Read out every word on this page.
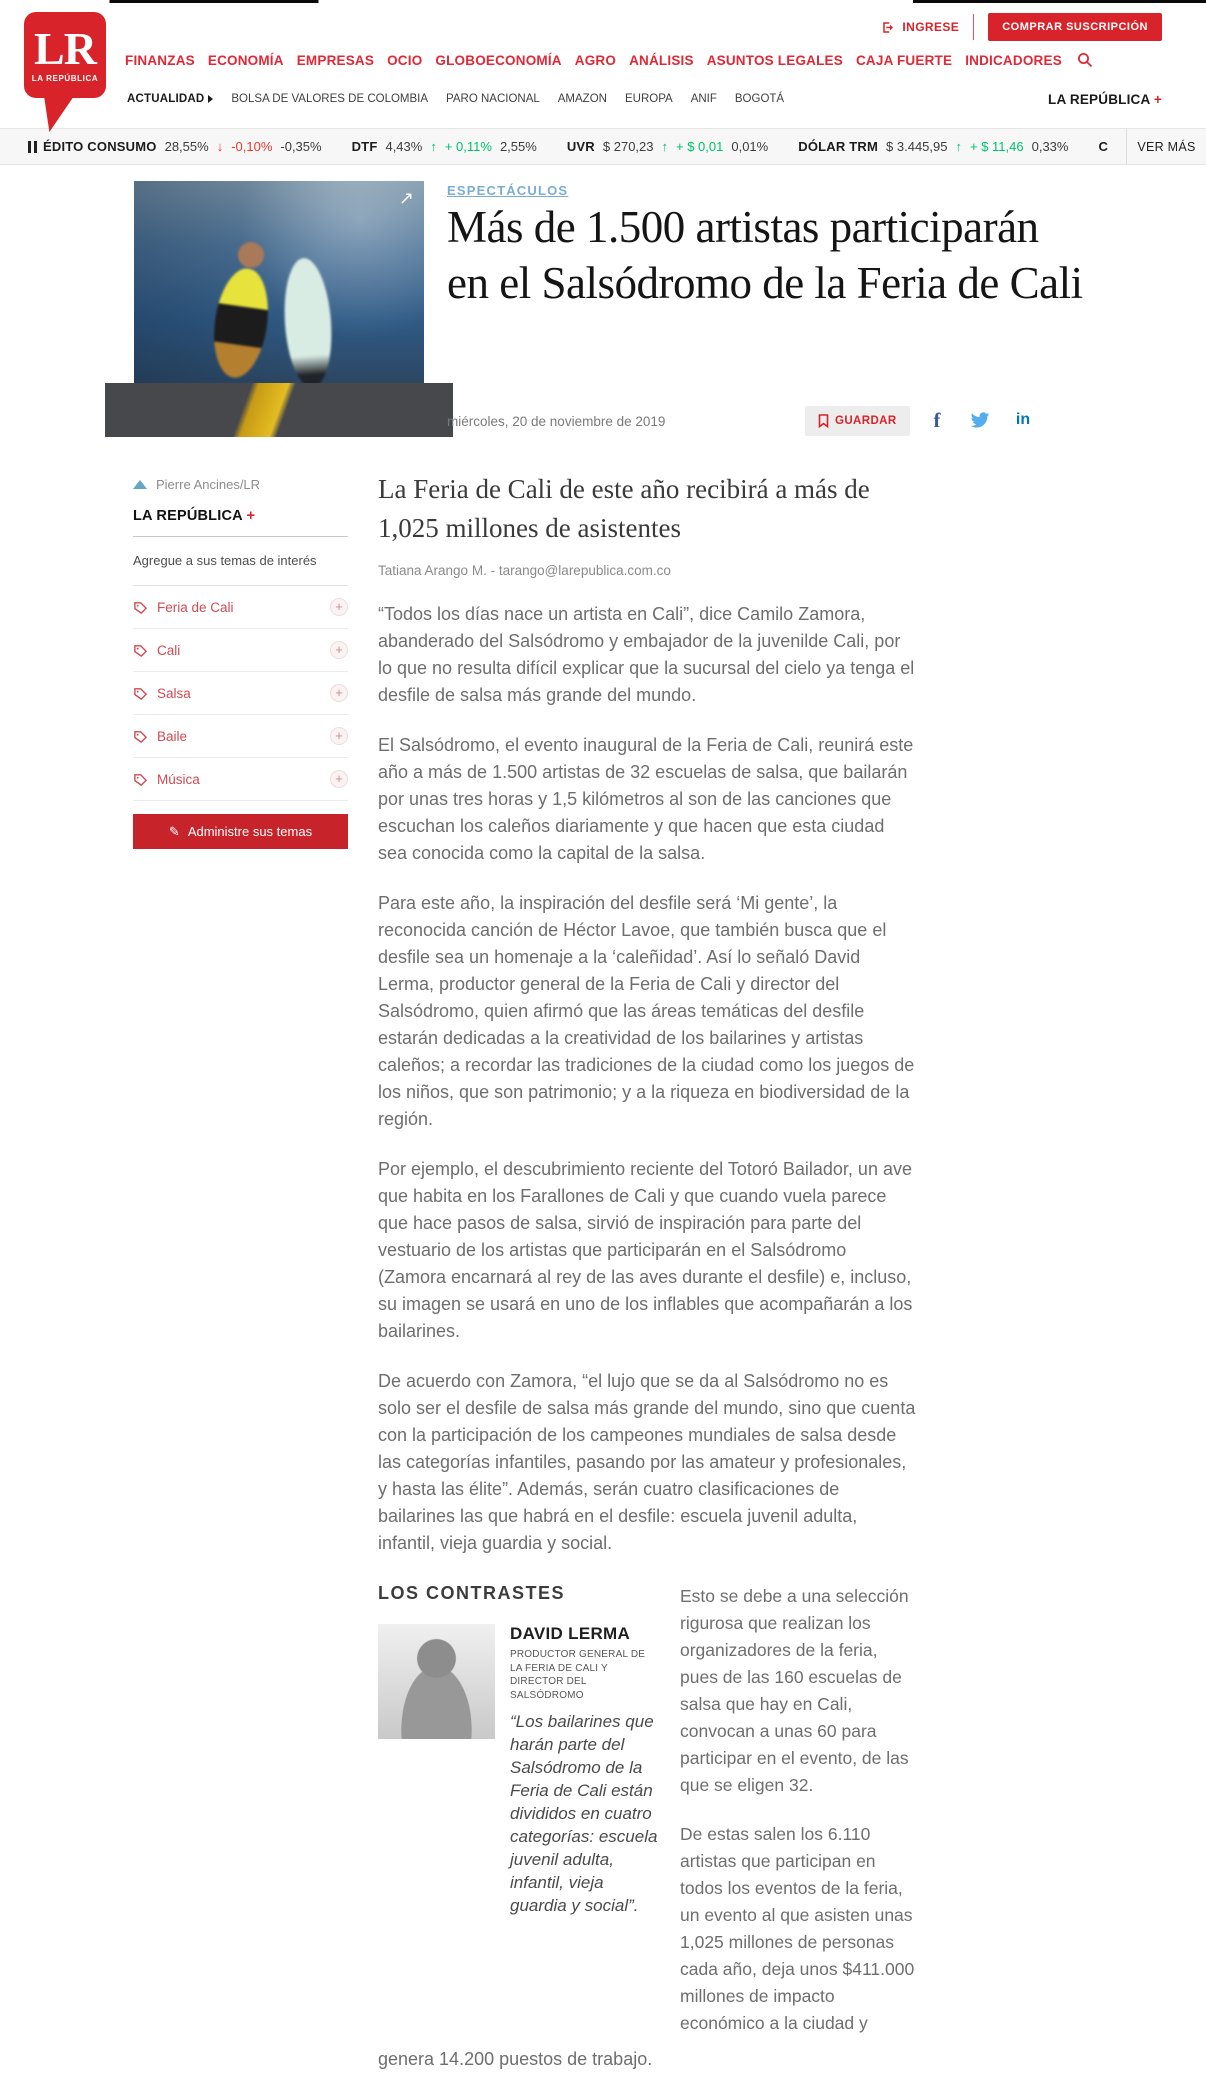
LR
LA REPÚBLICA
INGRESE	COMPRAR SUSCRIPCIÓN
FINANZAS ECONOMÍA EMPRESAS OCIO GLOBOECONOMÍA AGRO ANÁLISIS ASUNTOS LEGALES CAJA FUERTE INDICADORES
ACTUALIDAD BOLSA DE VALORES DE COLOMBIA PARO NACIONAL AMAZON EUROPA ANIF BOGOTÁ	LA REPÚBLICA +
ÉDITO CONSUMO 28,55% ↓ -0,10% -0,35% DTF 4,43% ↑ + 0,11% 2,55% UVR $ 270,23 ↑ + $ 0,01 0,01% DÓLAR TRM $ 3.445,95 ↑ + $ 11,46 0,33% C	VER MÁS
↗	ESPECTÁCULOS
Más de 1.500 artistas participarán en el Salsódromo de la Feria de Cali
miércoles, 20 de noviembre de 2019	GUARDAR	f	in
Pierre Ancines/LR
LA REPÚBLICA +
Agregue a sus temas de interés
Feria de Cali	+
Cali	+
Salsa	+
Baile	+
Música	+
✎ Administre sus temas
La Feria de Cali de este año recibirá a más de 1,025 millones de asistentes
Tatiana Arango M. - tarango@larepublica.com.co

“Todos los días nace un artista en Cali”, dice Camilo Zamora, abanderado del Salsódromo y embajador de la juvenilde Cali, por lo que no resulta difícil explicar que la sucursal del cielo ya tenga el desfile de salsa más grande del mundo.

El Salsódromo, el evento inaugural de la Feria de Cali, reunirá este año a más de 1.500 artistas de 32 escuelas de salsa, que bailarán por unas tres horas y 1,5 kilómetros al son de las canciones que escuchan los caleños diariamente y que hacen que esta ciudad sea conocida como la capital de la salsa.

Para este año, la inspiración del desfile será ‘Mi gente’, la reconocida canción de Héctor Lavoe, que también busca que el desfile sea un homenaje a la ‘caleñidad’. Así lo señaló David Lerma, productor general de la Feria de Cali y director del Salsódromo, quien afirmó que las áreas temáticas del desfile estarán dedicadas a la creatividad de los bailarines y artistas caleños; a recordar las tradiciones de la ciudad como los juegos de los niños, que son patrimonio; y a la riqueza en biodiversidad de la región.

Por ejemplo, el descubrimiento reciente del Totoró Bailador, un ave que habita en los Farallones de Cali y que cuando vuela parece que hace pasos de salsa, sirvió de inspiración para parte del vestuario de los artistas que participarán en el Salsódromo (Zamora encarnará al rey de las aves durante el desfile) e, incluso, su imagen se usará en uno de los inflables que acompañarán a los bailarines.

De acuerdo con Zamora, “el lujo que se da al Salsódromo no es solo ser el desfile de salsa más grande del mundo, sino que cuenta con la participación de los campeones mundiales de salsa desde las categorías infantiles, pasando por las amateur y profesionales, y hasta las élite”. Además, serán cuatro clasificaciones de bailarines las que habrá en el desfile: escuela juvenil adulta, infantil, vieja guardia y social.

LOS CONTRASTES
DAVID LERMA
PRODUCTOR GENERAL DE LA FERIA DE CALI Y DIRECTOR DEL SALSÓDROMO
“Los bailarines que harán parte del Salsódromo de la Feria de Cali están divididos en cuatro categorías: escuela juvenil adulta, infantil, vieja guardia y social”.

Esto se debe a una selección rigurosa que realizan los organizadores de la feria, pues de las 160 escuelas de salsa que hay en Cali, convocan a unas 60 para participar en el evento, de las que se eligen 32.

De estas salen los 6.110 artistas que participan en todos los eventos de la feria, un evento al que asisten unas 1,025 millones de personas cada año, deja unos $411.000 millones de impacto económico a la ciudad y

genera 14.200 puestos de trabajo.
